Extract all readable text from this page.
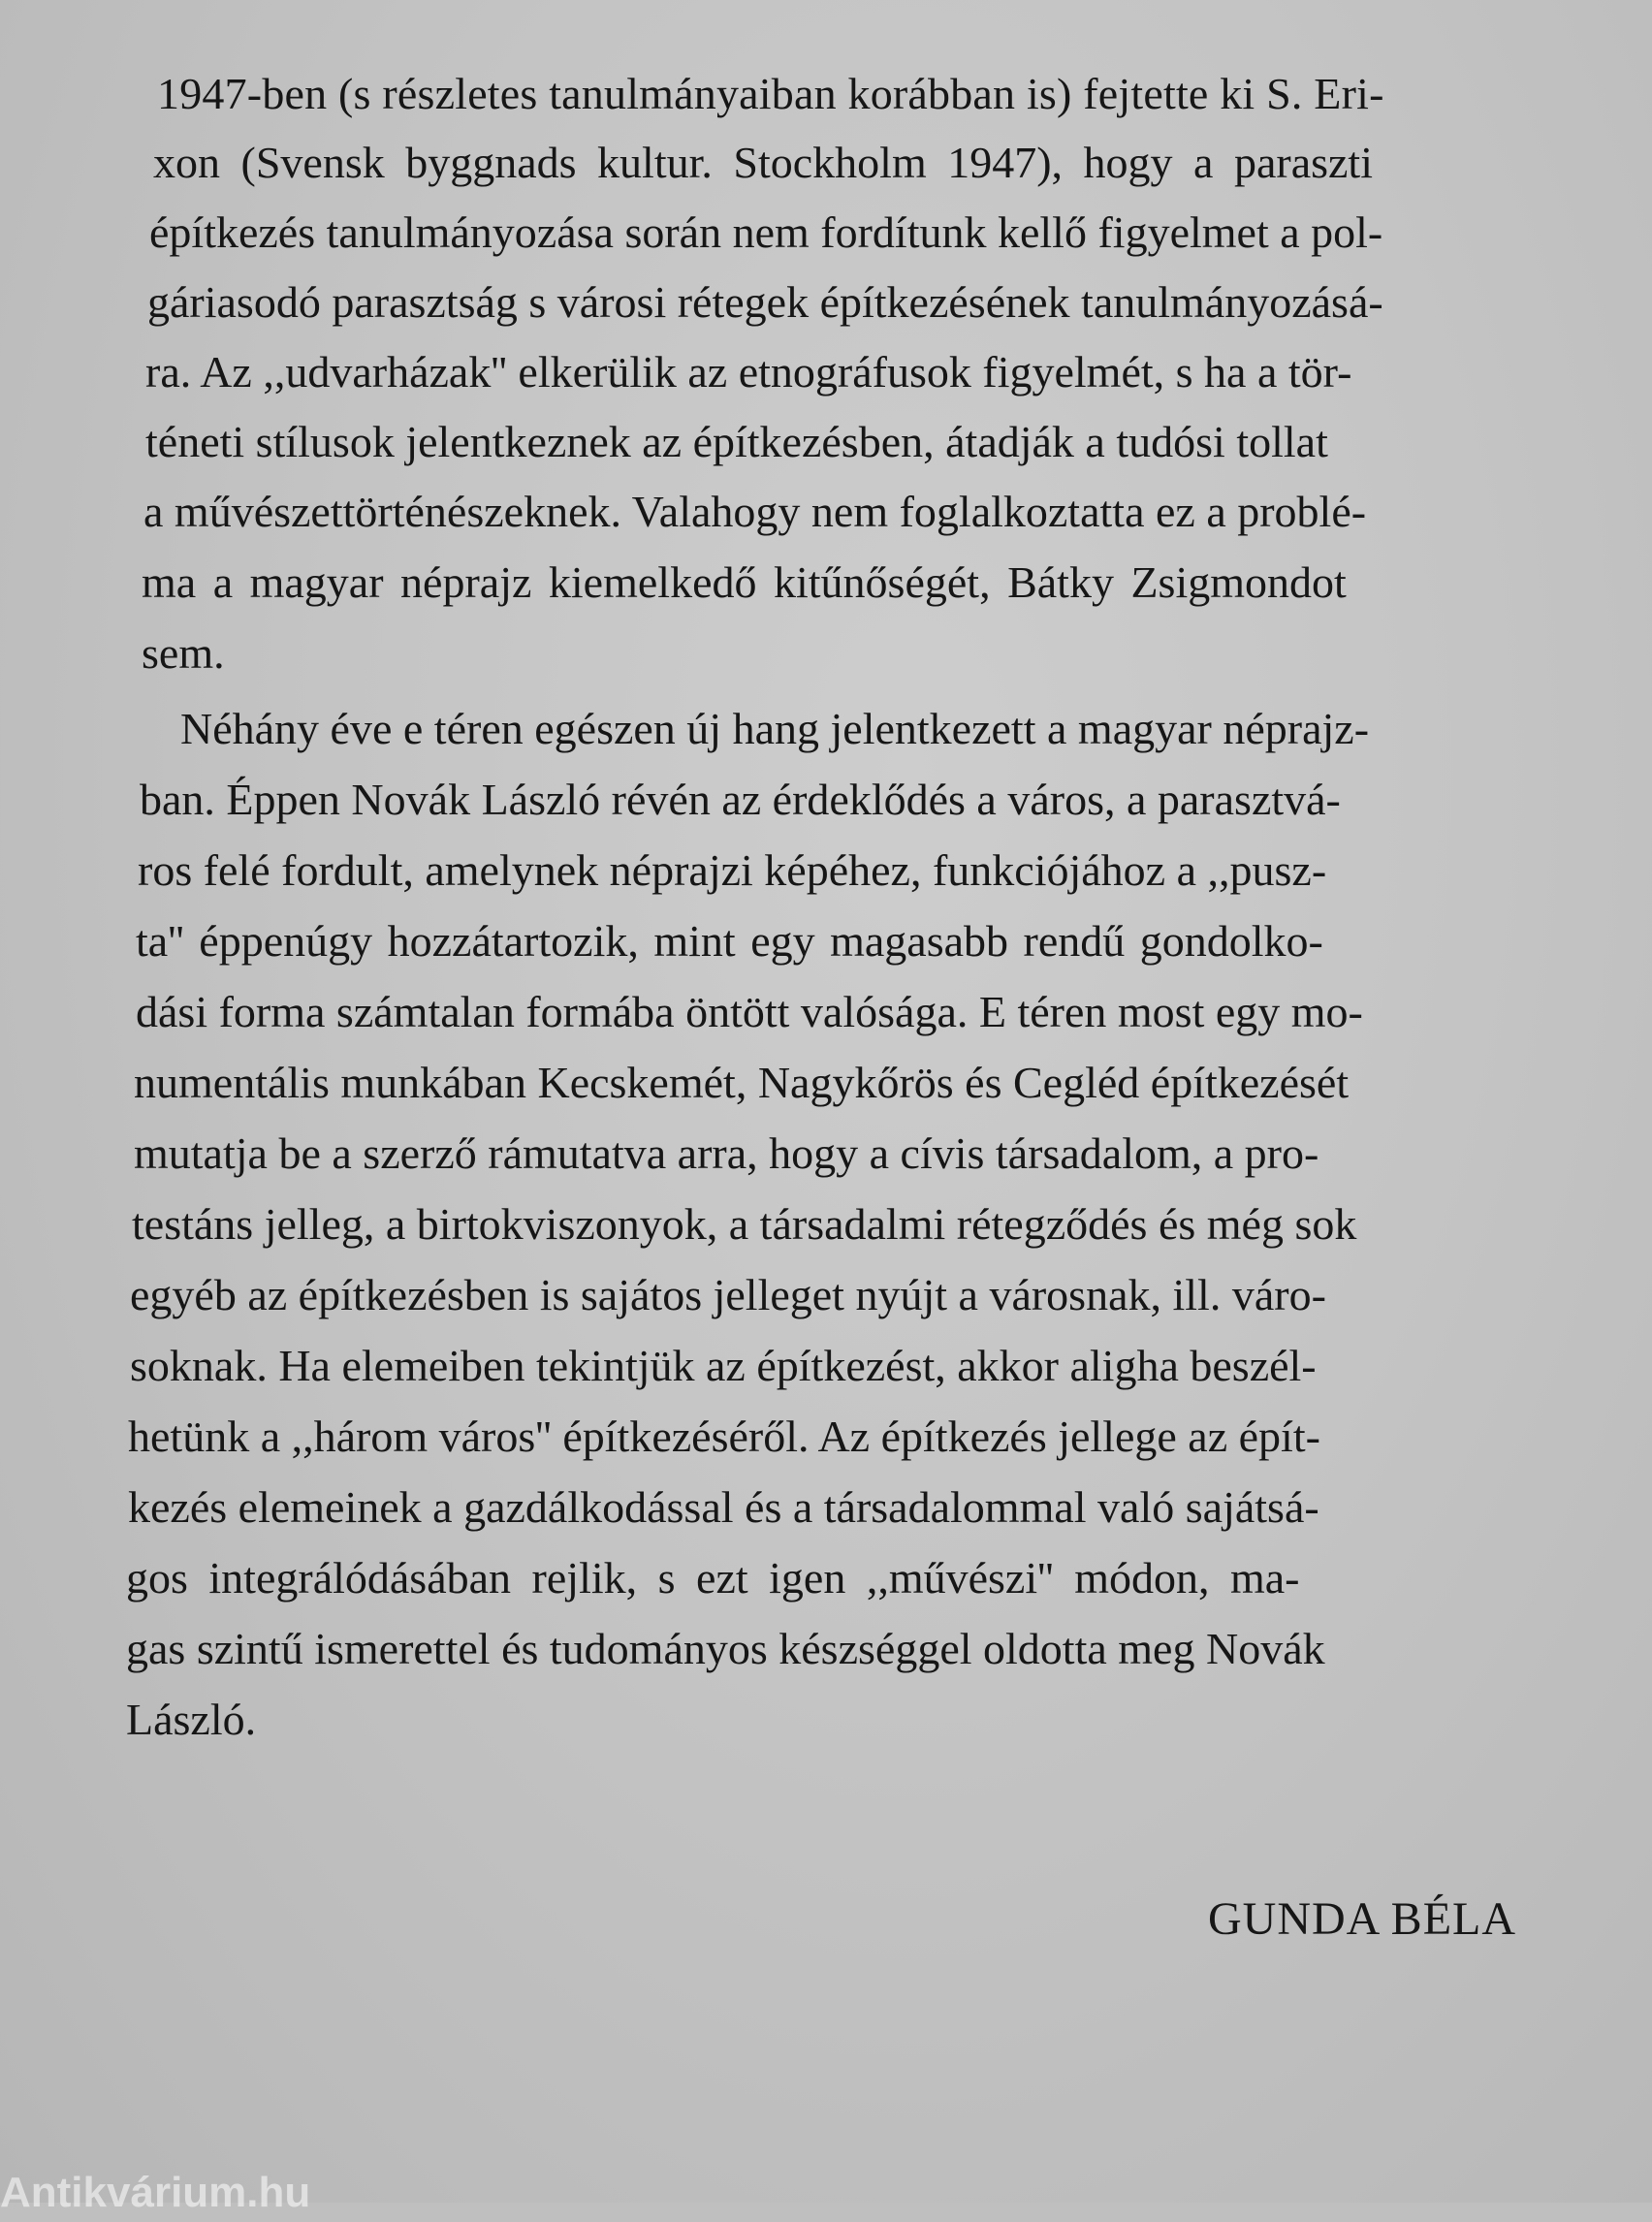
1947-ben (s részletes tanulmányaiban korábban is) fejtette ki S. Eri-
xon (Svensk byggnads kultur. Stockholm 1947), hogy a paraszti
építkezés tanulmányozása során nem fordítunk kellő figyelmet a pol-
gáriasodó parasztság s városi rétegek építkezésének tanulmányozásá-
ra. Az ,,udvarházak'' elkerülik az etnográfusok figyelmét, s ha a tör-
téneti stílusok jelentkeznek az építkezésben, átadják a tudósi tollat
a művészettörténészeknek. Valahogy nem foglalkoztatta ez a problé-
ma a magyar néprajz kiemelkedő kitűnőségét, Bátky Zsigmondot
sem.
Néhány éve e téren egészen új hang jelentkezett a magyar néprajz-
ban. Éppen Novák László révén az érdeklődés a város, a parasztvá-
ros felé fordult, amelynek néprajzi képéhez, funkciójához a ,,pusz-
ta'' éppenúgy hozzátartozik, mint egy magasabb rendű gondolko-
dási forma számtalan formába öntött valósága. E téren most egy mo-
numentális munkában Kecskemét, Nagykőrös és Cegléd építkezését
mutatja be a szerző rámutatva arra, hogy a cívis társadalom, a pro-
testáns jelleg, a birtokviszonyok, a társadalmi rétegződés és még sok
egyéb az építkezésben is sajátos jelleget nyújt a városnak, ill. váro-
soknak. Ha elemeiben tekintjük az építkezést, akkor aligha beszél-
hetünk a ,,három város'' építkezéséről. Az építkezés jellege az épít-
kezés elemeinek a gazdálkodással és a társadalommal való sajátsá-
gos integrálódásában rejlik, s ezt igen ,,művészi'' módon, ma-
gas szintű ismerettel és tudományos készséggel oldotta meg Novák
László.
GUNDA BÉLA
Antikvárium.hu
